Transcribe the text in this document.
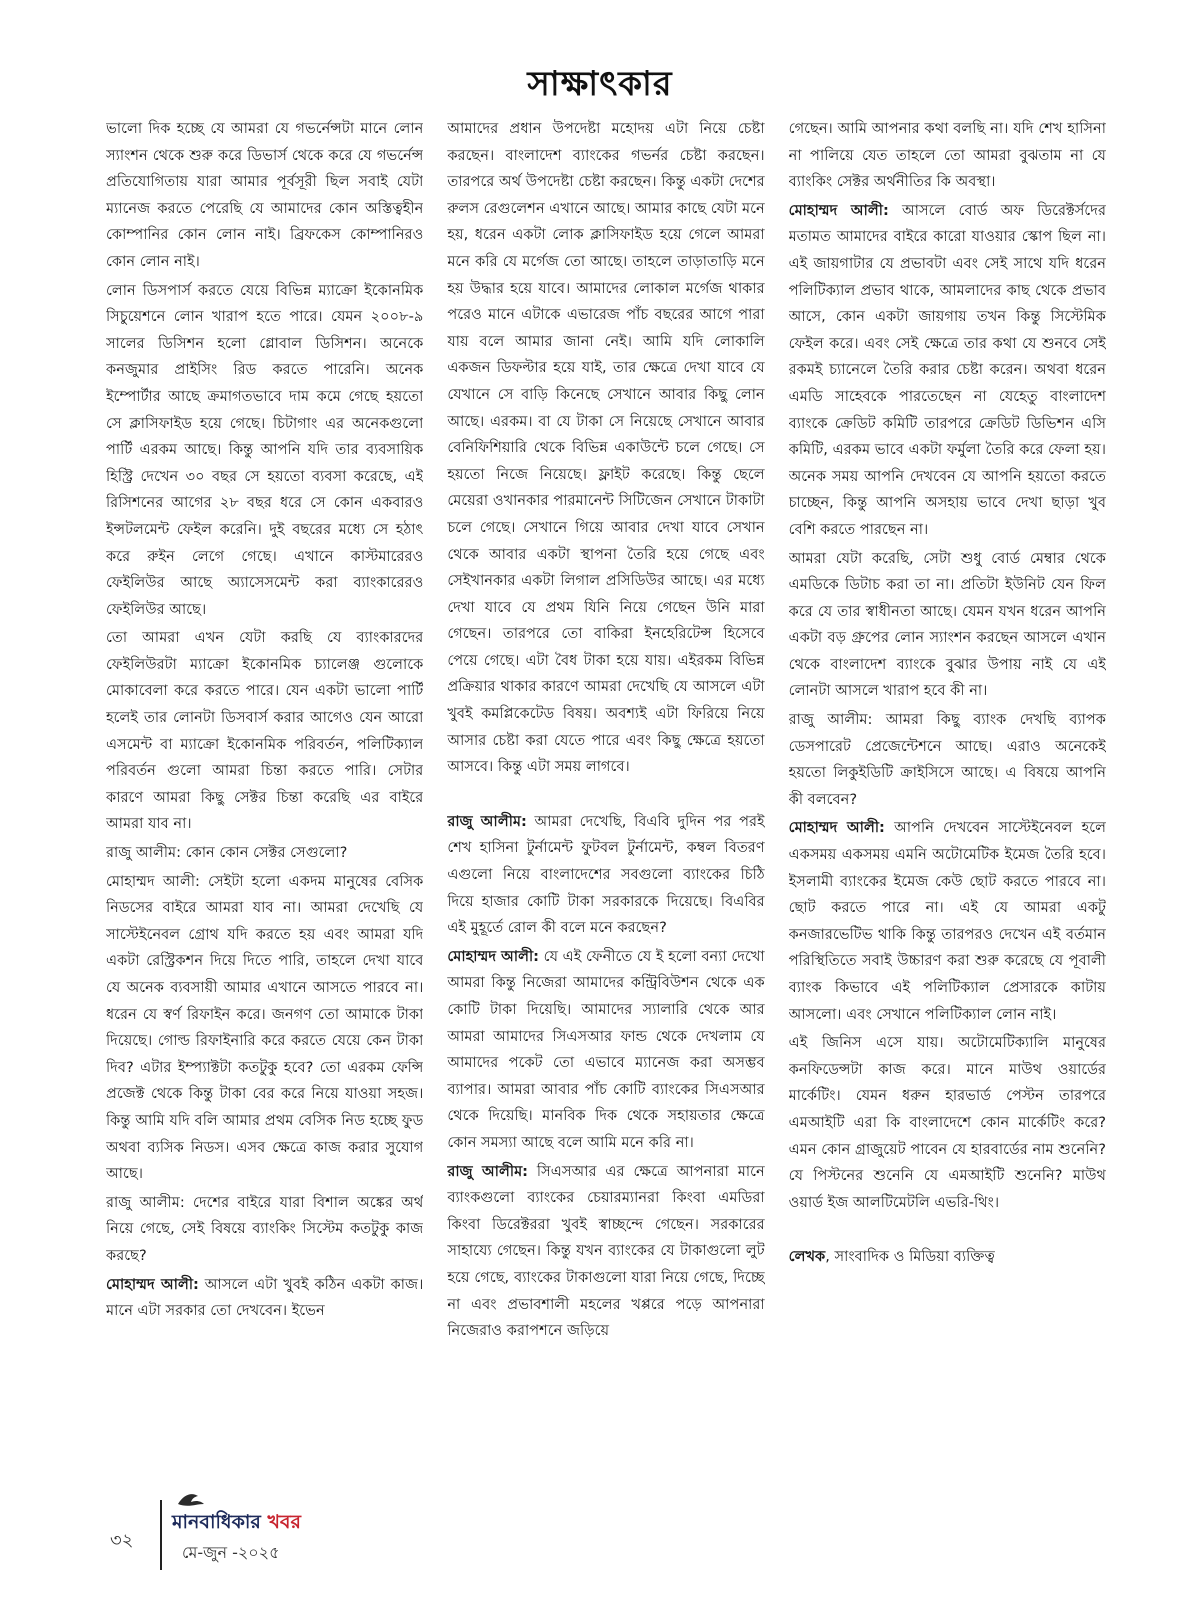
সাক্ষাৎকার

ভালো দিক হচ্ছে যে আমরা যে গভর্নেন্সটা মানে লোন স্যাংশন থেকে শুরু করে ডিভার্স থেকে করে যে গভর্নেন্স প্রতিযোগিতায় যারা আমার পূর্বসূরী ছিল সবাই যেটা ম্যানেজ করতে পেরেছি যে আমাদের কোন অস্তিত্বহীন কোম্পানির কোন লোন নাই। ব্রিফকেস কোম্পানিরও কোন লোন নাই।

লোন ডিসপার্স করতে যেয়ে বিভিন্ন ম্যাক্রো ইকোনমিক সিচুয়েশনে লোন খারাপ হতে পারে। যেমন ২০০৮-৯ সালের ডিসিশন হলো গ্লোবাল ডিসিশন। অনেকে কনজুমার প্রাইসিং রিড করতে পারেনি। অনেক ইম্পোর্টার আছে ক্রমাগতভাবে দাম কমে গেছে হয়তো সে ক্লাসিফাইড হয়ে গেছে। চিটাগাং এর অনেকগুলো পার্টি এরকম আছে। কিন্তু আপনি যদি তার ব্যবসায়িক হিস্ট্রি দেখেন ৩০ বছর সে হয়তো ব্যবসা করেছে, এই রিসিশনের আগের ২৮ বছর ধরে সে কোন একবারও ইন্সটলমেন্ট ফেইল করেনি। দুই বছরের মধ্যে সে হঠাৎ করে রুইন লেগে গেছে। এখানে কাস্টমারেরও ফেইলিউর আছে অ্যাসেসমেন্ট করা ব্যাংকারেরও ফেইলিউর আছে।

তো আমরা এখন যেটা করছি যে ব্যাংকারদের ফেইলিউরটা ম্যাক্রো ইকোনমিক চ্যালেঞ্জ গুলোকে মোকাবেলা করে করতে পারে। যেন একটা ভালো পার্টি হলেই তার লোনটা ডিসবার্স করার আগেও যেন আরো এসমেন্ট বা ম্যাক্রো ইকোনমিক পরিবর্তন, পলিটিক্যাল পরিবর্তন গুলো আমরা চিন্তা করতে পারি। সেটার কারণে আমরা কিছু সেক্টর চিন্তা করেছি এর বাইরে আমরা যাব না।

রাজু আলীম: কোন কোন সেক্টর সেগুলো?

মোহাম্মদ আলী: সেইটা হলো একদম মানুষের বেসিক নিডসের বাইরে আমরা যাব না। আমরা দেখেছি যে সাস্টেইনেবল গ্রোথ যদি করতে হয় এবং আমরা যদি একটা রেস্ট্রিকশন দিয়ে দিতে পারি, তাহলে দেখা যাবে যে অনেক ব্যবসায়ী আমার এখানে আসতে পারবে না। ধরেন যে স্বর্ণ রিফাইন করে। জনগণ তো আমাকে টাকা দিয়েছে। গোল্ড রিফাইনারি করে করতে যেয়ে কেন টাকা দিব? এটার ইম্প্যাক্টটা কতটুকু হবে? তো এরকম ফেন্সি প্রজেক্ট থেকে কিন্তু টাকা বের করে নিয়ে যাওয়া সহজ। কিন্তু আমি যদি বলি আমার প্রথম বেসিক নিড হচ্ছে ফুড অথবা ব্যসিক নিডস। এসব ক্ষেত্রে কাজ করার সুযোগ আছে।

রাজু আলীম: দেশের বাইরে যারা বিশাল অঙ্কের অর্থ নিয়ে গেছে, সেই বিষয়ে ব্যাংকিং সিস্টেম কতটুকু কাজ করছে?

মোহাম্মদ আলী: আসলে এটা খুবই কঠিন একটা কাজ। মানে এটা সরকার তো দেখবেন। ইভেন

আমাদের প্রধান উপদেষ্টা মহোদয় এটা নিয়ে চেষ্টা করছেন। বাংলাদেশ ব্যাংকের গভর্নর চেষ্টা করছেন। তারপরে অর্থ উপদেষ্টা চেষ্টা করছেন। কিন্তু একটা দেশের রুলস রেগুলেশন এখানে আছে। আমার কাছে যেটা মনে হয়, ধরেন একটা লোক ক্লাসিফাইড হয়ে গেলে আমরা মনে করি যে মর্গেজ তো আছে। তাহলে তাড়াতাড়ি মনে হয় উদ্ধার হয়ে যাবে। আমাদের লোকাল মর্গেজ থাকার পরেও মানে এটাকে এভারেজ পাঁচ বছরের আগে পারা যায় বলে আমার জানা নেই। আমি যদি লোকালি একজন ডিফল্টার হয়ে যাই, তার ক্ষেত্রে দেখা যাবে যে যেখানে সে বাড়ি কিনেছে সেখানে আবার কিছু লোন আছে। এরকম। বা যে টাকা সে নিয়েছে সেখানে আবার বেনিফিশিয়ারি থেকে বিভিন্ন একাউন্টে চলে গেছে। সে হয়তো নিজে নিয়েছে। ফ্লাইট করেছে। কিন্তু ছেলে মেয়েরা ওখানকার পারমানেন্ট সিটিজেন সেখানে টাকাটা চলে গেছে। সেখানে গিয়ে আবার দেখা যাবে সেখান থেকে আবার একটা স্থাপনা তৈরি হয়ে গেছে এবং সেইখানকার একটা লিগাল প্রসিডিউর আছে। এর মধ্যে দেখা যাবে যে প্রথম যিনি নিয়ে গেছেন উনি মারা গেছেন। তারপরে তো বাকিরা ইনহেরিটেন্স হিসেবে পেয়ে গেছে। এটা বৈধ টাকা হয়ে যায়। এইরকম বিভিন্ন প্রক্রিয়ার থাকার কারণে আমরা দেখেছি যে আসলে এটা খুবই কমপ্লিকেটেড বিষয়। অবশ্যই এটা ফিরিয়ে নিয়ে আসার চেষ্টা করা যেতে পারে এবং কিছু ক্ষেত্রে হয়তো আসবে। কিন্তু এটা সময় লাগবে।

রাজু আলীম: আমরা দেখেছি, বিএবি দুদিন পর পরই শেখ হাসিনা টুর্নামেন্ট ফুটবল টুর্নামেন্ট, কম্বল বিতরণ এগুলো নিয়ে বাংলাদেশের সবগুলো ব্যাংকের চিঠি দিয়ে হাজার কোটি টাকা সরকারকে দিয়েছে। বিএবির এই মুহূর্তে রোল কী বলে মনে করছেন?

মোহাম্মদ আলী: যে এই ফেনীতে যে ই হলো বন্যা দেখো আমরা কিন্তু নিজেরা আমাদের কন্ট্রিবিউশন থেকে এক কোটি টাকা দিয়েছি। আমাদের স্যালারি থেকে আর আমরা আমাদের সিএসআর ফান্ড থেকে দেখলাম যে আমাদের পকেট তো এভাবে ম্যানেজ করা অসম্ভব ব্যাপার। আমরা আবার পাঁচ কোটি ব্যাংকের সিএসআর থেকে দিয়েছি। মানবিক দিক থেকে সহায়তার ক্ষেত্রে কোন সমস্যা আছে বলে আমি মনে করি না।

রাজু আলীম: সিএসআর এর ক্ষেত্রে আপনারা মানে ব্যাংকগুলো ব্যাংকের চেয়ারম্যানরা কিংবা এমডিরা কিংবা ডিরেক্টররা খুবই স্বাচ্ছন্দে গেছেন। সরকারের সাহায্যে গেছেন। কিন্তু যখন ব্যাংকের যে টাকাগুলো লুট হয়ে গেছে, ব্যাংকের টাকাগুলো যারা নিয়ে গেছে, দিচ্ছে না এবং প্রভাবশালী মহলের খপ্পরে পড়ে আপনারা নিজেরাও করাপশনে জড়িয়ে

গেছেন। আমি আপনার কথা বলছি না। যদি শেখ হাসিনা না পালিয়ে যেত তাহলে তো আমরা বুঝতাম না যে ব্যাংকিং সেক্টর অর্থনীতির কি অবস্থা।

মোহাম্মদ আলী: আসলে বোর্ড অফ ডিরেক্টর্সদের মতামত আমাদের বাইরে কারো যাওয়ার স্কোপ ছিল না। এই জায়গাটার যে প্রভাবটা এবং সেই সাথে যদি ধরেন পলিটিক্যাল প্রভাব থাকে, আমলাদের কাছ থেকে প্রভাব আসে, কোন একটা জায়গায় তখন কিন্তু সিস্টেমিক ফেইল করে। এবং সেই ক্ষেত্রে তার কথা যে শুনবে সেই রকমই চ্যানেলে তৈরি করার চেষ্টা করেন। অথবা ধরেন এমডি সাহেবকে পারতেছেন না যেহেতু বাংলাদেশ ব্যাংকে ক্রেডিট কমিটি তারপরে ক্রেডিট ডিভিশন এসি কমিটি, এরকম ভাবে একটা ফর্মুলা তৈরি করে ফেলা হয়। অনেক সময় আপনি দেখবেন যে আপনি হয়তো করতে চাচ্ছেন, কিন্তু আপনি অসহায় ভাবে দেখা ছাড়া খুব বেশি করতে পারছেন না।

আমরা যেটা করেছি, সেটা শুধু বোর্ড মেম্বার থেকে এমডিকে ডিটাচ করা তা না। প্রতিটা ইউনিট যেন ফিল করে যে তার স্বাধীনতা আছে। যেমন যখন ধরেন আপনি একটা বড় গ্রুপের লোন স্যাংশন করছেন আসলে এখান থেকে বাংলাদেশ ব্যাংকে বুঝার উপায় নাই যে এই লোনটা আসলে খারাপ হবে কী না।

রাজু আলীম: আমরা কিছু ব্যাংক দেখছি ব্যাপক ডেসপারেট প্রেজেন্টেশনে আছে। এরাও অনেকেই হয়তো লিকুইডিটি ক্রাইসিসে আছে। এ বিষয়ে আপনি কী বলবেন?

মোহাম্মদ আলী: আপনি দেখবেন সাস্টেইনেবল হলে একসময় একসময় এমনি অটোমেটিক ইমেজ তৈরি হবে। ইসলামী ব্যাংকের ইমেজ কেউ ছোট করতে পারবে না। ছোট করতে পারে না। এই যে আমরা একটু কনজারভেটিভ থাকি কিন্তু তারপরও দেখেন এই বর্তমান পরিস্থিতিতে সবাই উচ্চারণ করা শুরু করেছে যে পূবালী ব্যাংক কিভাবে এই পলিটিক্যাল প্রেসারকে কাটায় আসলো। এবং সেখানে পলিটিক্যাল লোন নাই।

এই জিনিস এসে যায়। অটোমেটিক্যালি মানুষের কনফিডেন্সটা কাজ করে। মানে মাউথ ওয়ার্ডের মার্কেটিং। যেমন ধরুন হারভার্ড পেস্টন তারপরে এমআইটি এরা কি বাংলাদেশে কোন মার্কেটিং করে? এমন কোন গ্রাজুয়েট পাবেন যে হারবার্ডের নাম শুনেনি? যে পিস্টনের শুনেনি যে এমআইটি শুনেনি? মাউথ ওয়ার্ড ইজ আলটিমেটলি এভরি-থিং।

লেখক, সাংবাদিক ও মিডিয়া ব্যক্তিত্ব

৩২
মানবাধিকার খবর
মে-জুন -২০২৫
